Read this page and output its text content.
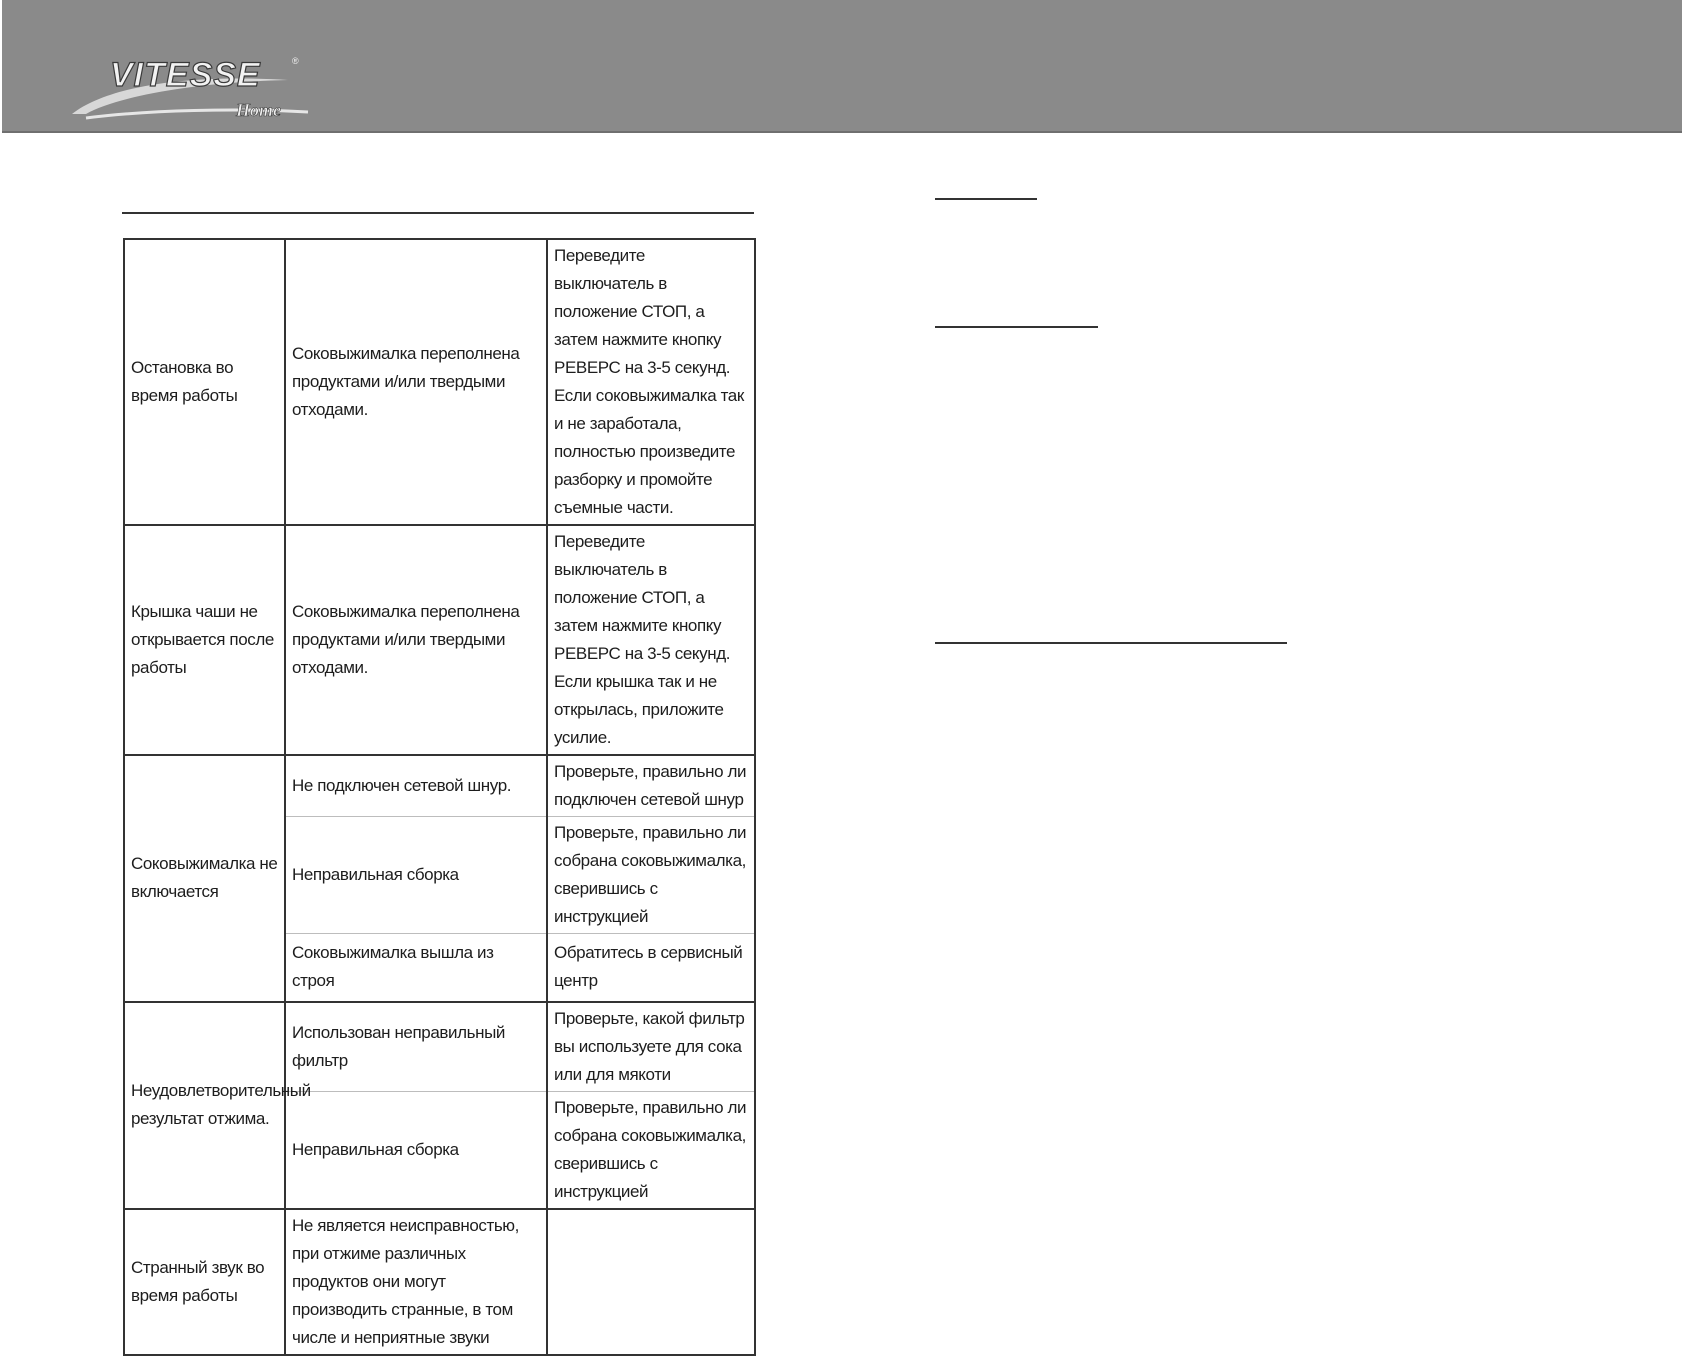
VITESSE	®
Home
Остановка во время работы	Соковыжималка переполнена продуктами и/или твердыми отходами.	Переведите выключатель в положение СТОП, а затем нажмите кнопку РЕВЕРС на 3-5 секунд. Если соковыжималка так и не заработала, полностью произведите разборку и промойте съемные части.

Крышка чаши не открывается после работы	Соковыжималка переполнена продуктами и/или твердыми отходами.	Переведите выключатель в положение СТОП, а затем нажмите кнопку РЕВЕРС на 3-5 секунд. Если крышка так и не открылась, приложите усилие.

Соковыжималка не включается	Не подключен сетевой шнур.	Проверьте, правильно ли подключен сетевой шнур

	Неправильная сборка	Проверьте, правильно ли собрана соковыжималка, сверившись с инструкцией

	Соковыжималка вышла из строя	Обратитесь в сервисный центр

Неудовлетворительный результат отжима.	Использован неправильный фильтр	Проверьте, какой фильтр вы используете для сока или для мякоти

	Неправильная сборка	Проверьте, правильно ли собрана соковыжималка, сверившись с инструкцией

Странный звук во время работы	Не является неисправностью, при отжиме различных продуктов они могут производить странные, в том числе и неприятные звуки	
